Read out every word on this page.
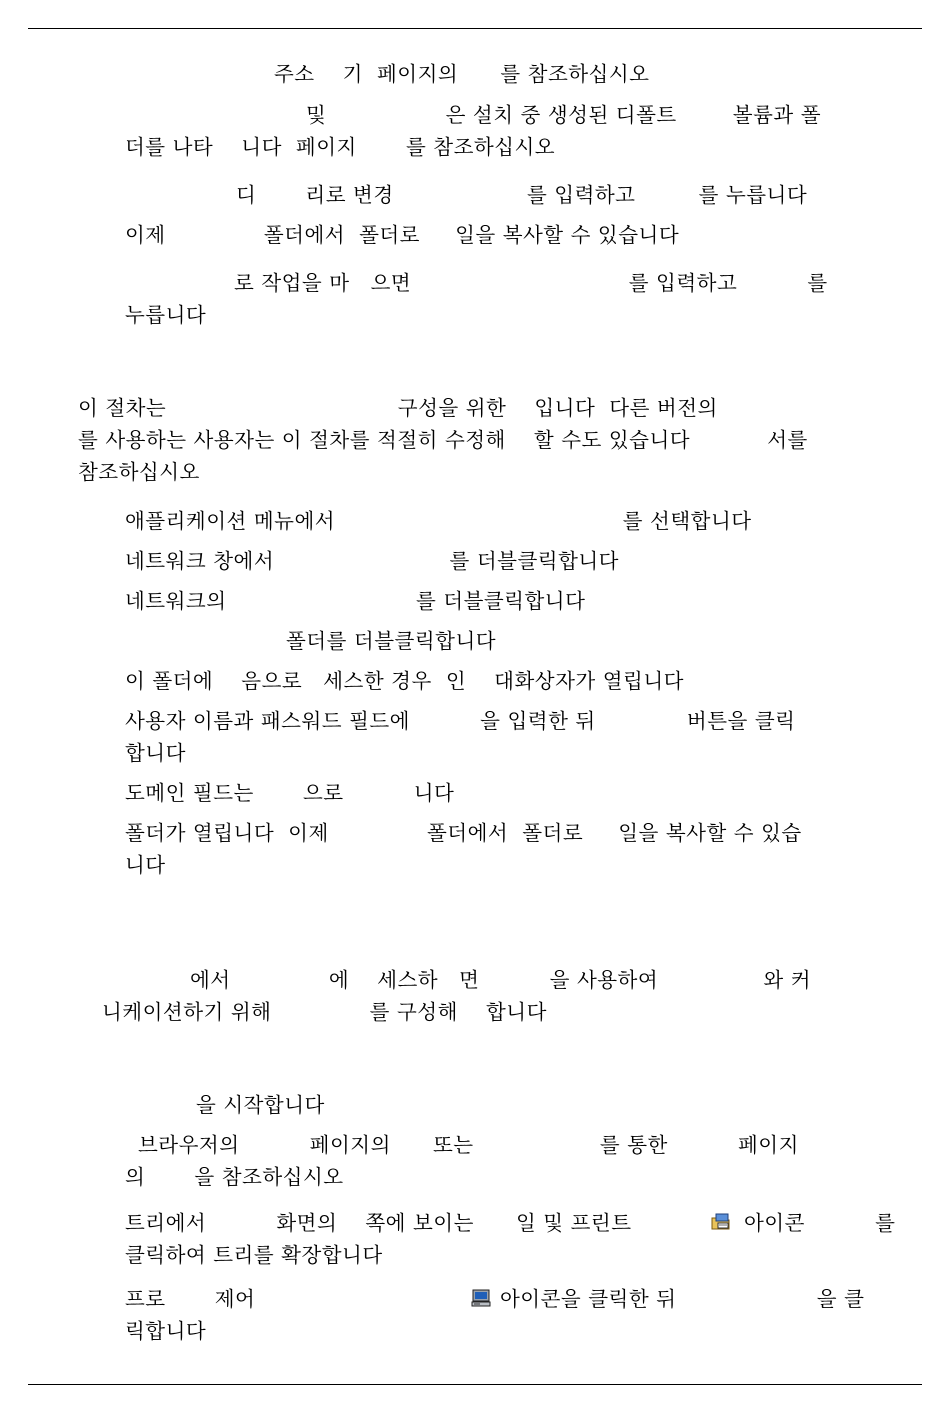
주소    기  페이지의      를 참조하십시오

및                 은 설치 중 생성된 디폴트        볼륨과 폴

더를 나타    니다  페이지       를 참조하십시오

디       리로 변경                   를 입력하고         를 누릅니다

이제              폴더에서  폴더로     일을 복사할 수 있습니다

로 작업을 마   으면                               를 입력하고          를

누릅니다

이 절차는                                 구성을 위한    입니다  다른 버전의

를 사용하는 사용자는 이 절차를 적절히 수정해    할 수도 있습니다           서를

참조하십시오

애플리케이션 메뉴에서                                         를 선택합니다

네트워크 창에서                         를 더블클릭합니다

네트워크의                           를 더블클릭합니다

폴더를 더블클릭합니다

이 폴더에    음으로   세스한 경우  인    대화상자가 열립니다

사용자 이름과 패스워드 필드에          을 입력한 뒤             버튼을 클릭

합니다

도메인 필드는       으로          니다

폴더가 열립니다  이제              폴더에서  폴더로     일을 복사할 수 있습

니다

에서              에    세스하   면          을 사용하여               와 커

니케이션하기 위해              를 구성해    합니다

을 시작합니다

브라우저의          페이지의      또는                  를 통한          페이지

의       을 참조하십시오

트리에서          화면의    쪽에 보이는      일 및 프린트	아이콘          를

클릭하여 트리를 확장합니다

프로       제어	아이콘을 클릭한 뒤                    을 클

릭합니다
